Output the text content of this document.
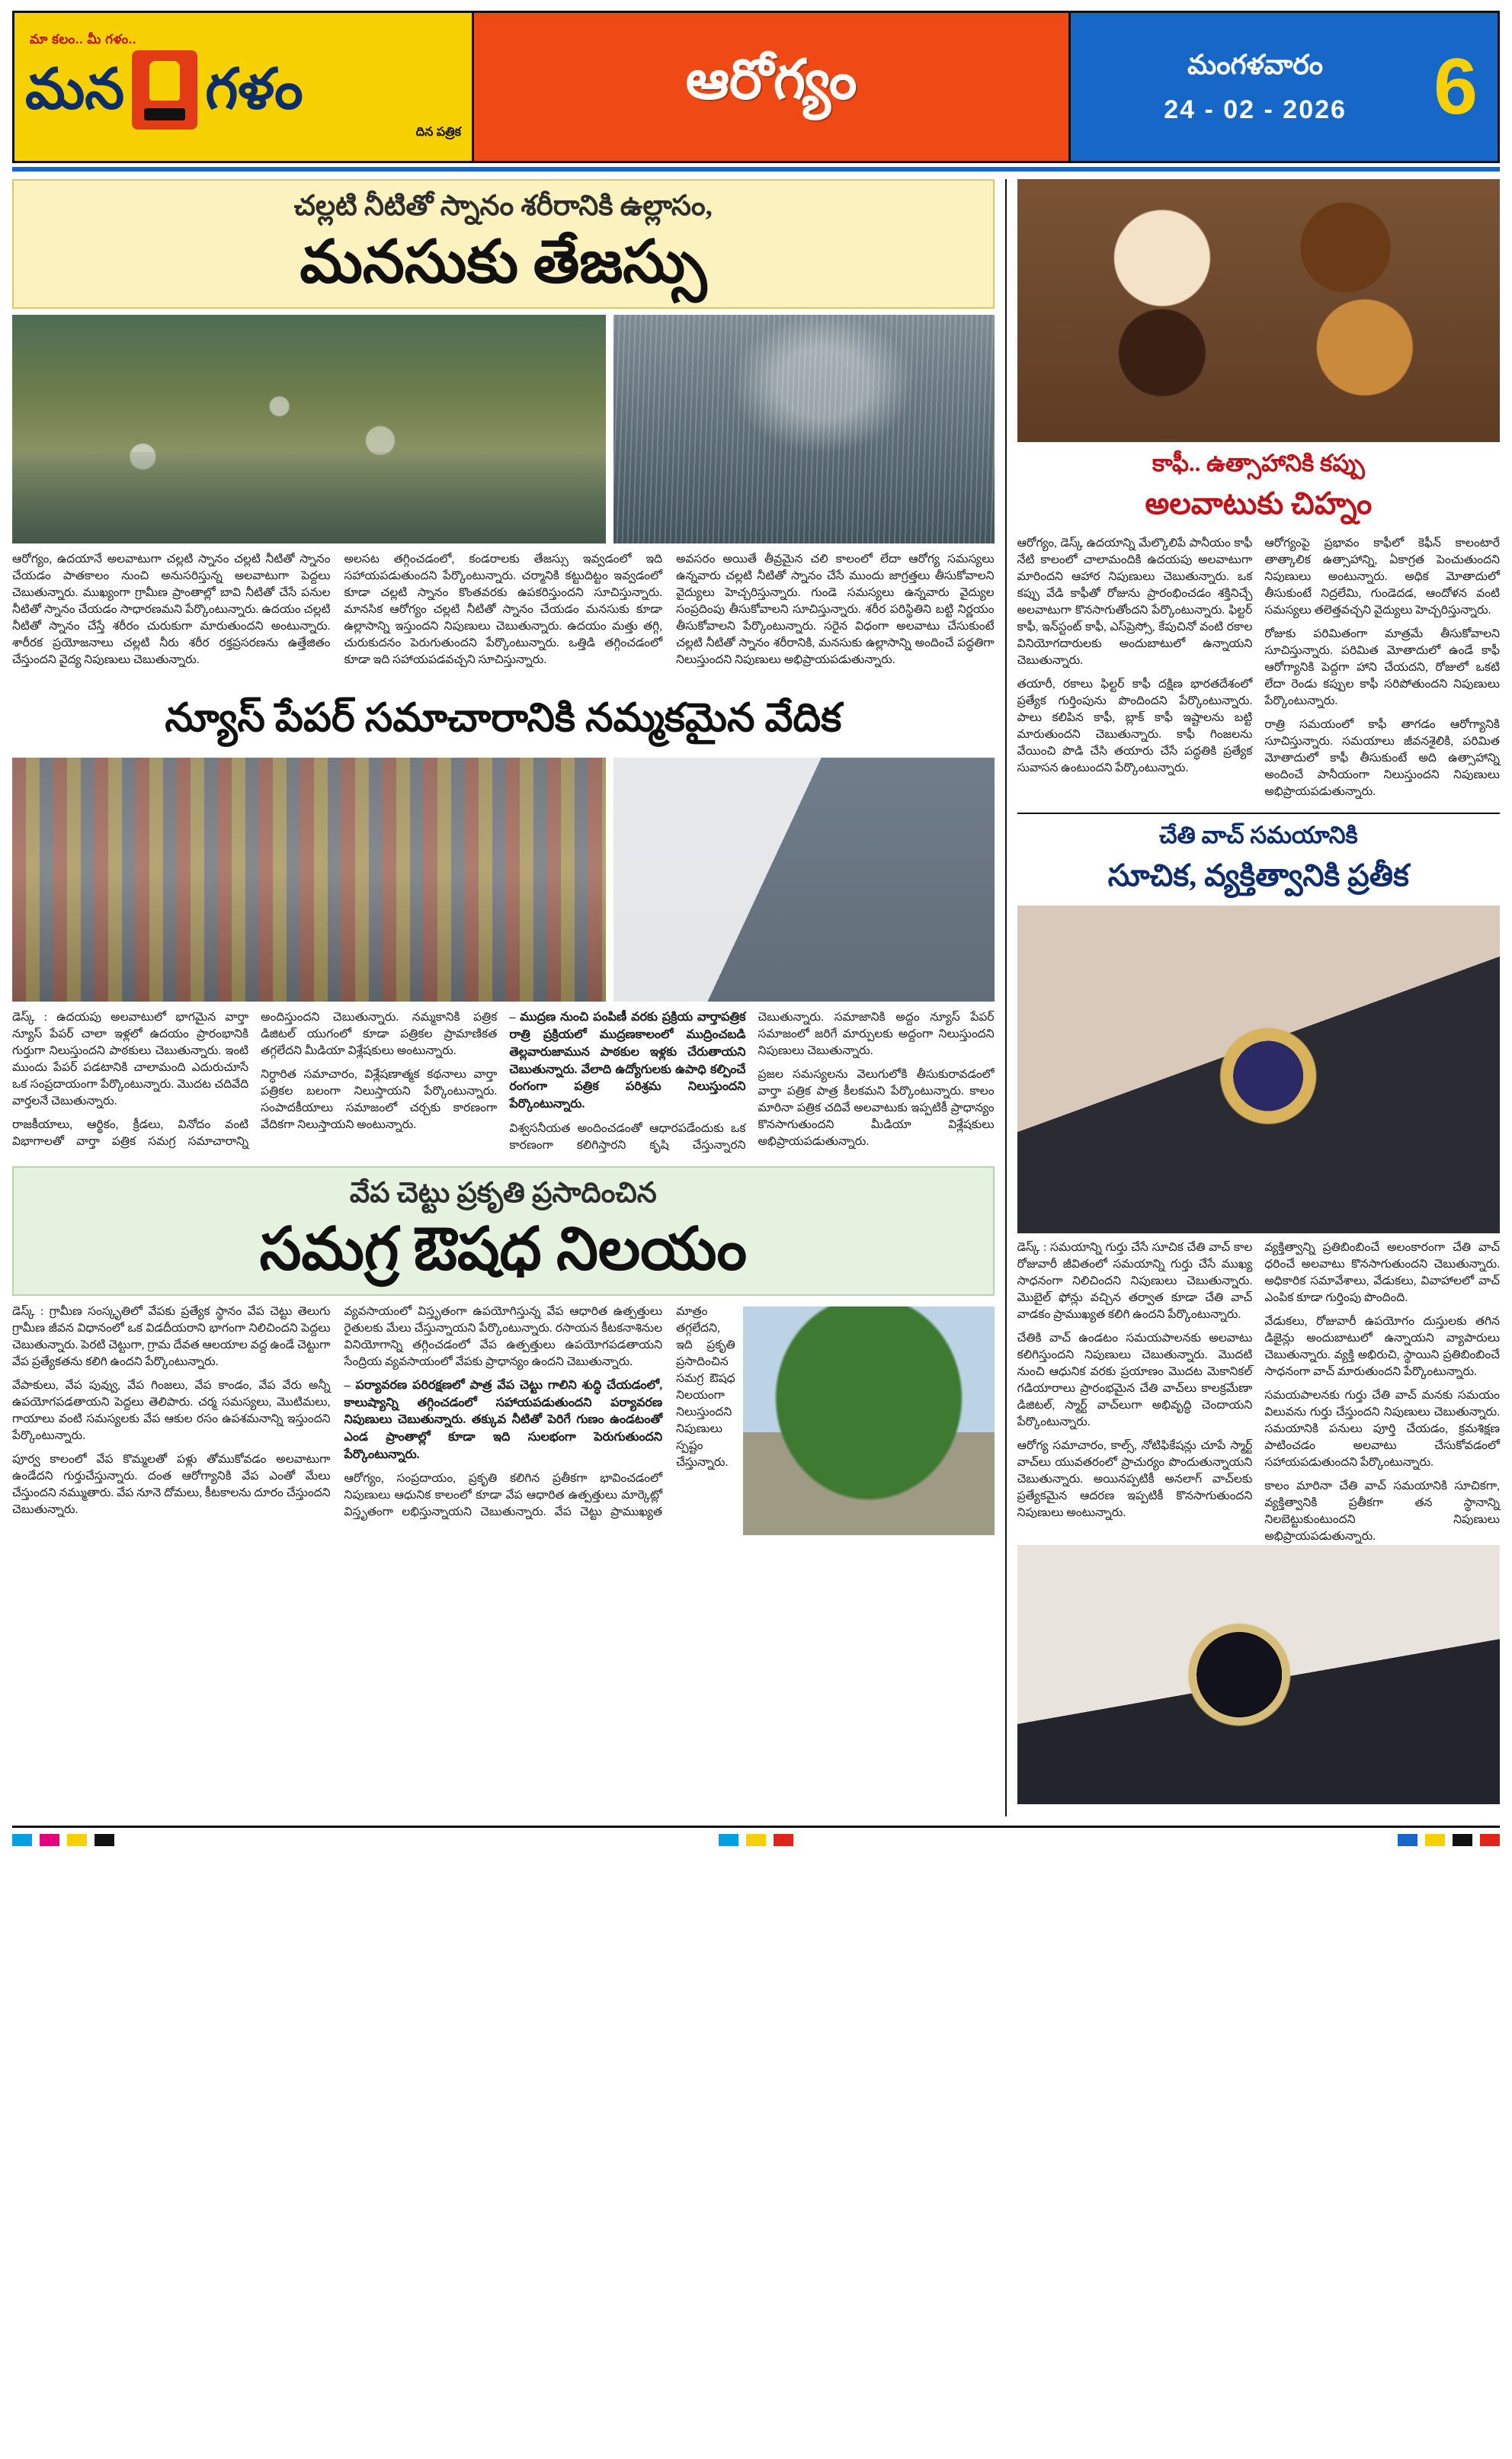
మా కలం.. మీ గళం..
మన గళం
దిన పత్రిక
ఆరోగ్యం	మంగళవారం
24 - 02 - 2026	6
చల్లటి నీటితో స్నానం శరీరానికి ఉల్లాసం,
మనసుకు తేజస్సు

ఆరోగ్యం, ఉదయానే అలవాటుగా చల్లటి స్నానం చల్లటి నీటితో స్నానం చేయడం పాతకాలం నుంచి అనుసరిస్తున్న అలవాటుగా పెద్దలు చెబుతున్నారు. ముఖ్యంగా గ్రామీణ ప్రాంతాల్లో బావి నీటితో చేసే పనుల నీటితో స్నానం చేయడం సాధారణమని పేర్కొంటున్నారు. ఉదయం చల్లటి నీటితో స్నానం చేస్తే శరీరం చురుకుగా మారుతుందని అంటున్నారు. శారీరక ప్రయోజనాలు చల్లటి నీరు శరీర రక్తప్రసరణను ఉత్తేజితం చేస్తుందని వైద్య నిపుణులు చెబుతున్నారు.

అలసట తగ్గించడంలో, కండరాలకు తేజస్సు ఇవ్వడంలో ఇది సహాయపడుతుందని పేర్కొంటున్నారు. చర్మానికి కట్టుదిట్టం ఇవ్వడంలో కూడా చల్లటి స్నానం కొంతవరకు ఉపకరిస్తుందని సూచిస్తున్నారు. మానసిక ఆరోగ్యం చల్లటి నీటితో స్నానం చేయడం మనసుకు కూడా ఉల్లాసాన్ని ఇస్తుందని నిపుణులు చెబుతున్నారు. ఉదయం మత్తు తగ్గి, చురుకుదనం పెరుగుతుందని పేర్కొంటున్నారు. ఒత్తిడి తగ్గించడంలో కూడా ఇది సహాయపడవచ్చని సూచిస్తున్నారు.

అవసరం అయితే తీవ్రమైన చలి కాలంలో లేదా ఆరోగ్య సమస్యలు ఉన్నవారు చల్లటి నీటితో స్నానం చేసే ముందు జాగ్రత్తలు తీసుకోవాలని వైద్యులు హెచ్చరిస్తున్నారు. గుండె సమస్యలు ఉన్నవారు వైద్యుల సంప్రదింపు తీసుకోవాలని సూచిస్తున్నారు. శరీర పరిస్థితిని బట్టి నిర్ణయం తీసుకోవాలని పేర్కొంటున్నారు. సరైన విధంగా అలవాటు చేసుకుంటే చల్లటి నీటితో స్నానం శరీరానికి, మనసుకు ఉల్లాసాన్ని అందించే పద్ధతిగా నిలుస్తుందని నిపుణులు అభిప్రాయపడుతున్నారు.

న్యూస్ పేపర్ సమాచారానికి నమ్మకమైన వేదిక

డెస్క్ : ఉదయపు అలవాటులో భాగమైన వార్తా న్యూస్ పేపర్ చాలా ఇళ్లలో ఉదయం ప్రారంభానికి గుర్తుగా నిలుస్తుందని పాఠకులు చెబుతున్నారు. ఇంటి ముందు పేపర్ పడటానికి చాలామంది ఎదురుచూసే ఒక సంప్రదాయంగా పేర్కొంటున్నారు. మొదట చదివేది వార్తలనే చెబుతున్నారు.

రాజకీయాలు, ఆర్థికం, క్రీడలు, వినోదం వంటి విభాగాలతో వార్తా పత్రిక సమగ్ర సమాచారాన్ని అందిస్తుందని చెబుతున్నారు. నమ్మకానికి పత్రిక డిజిటల్ యుగంలో కూడా పత్రికల ప్రామాణికత తగ్గలేదని మీడియా విశ్లేషకులు అంటున్నారు.

నిర్ధారిత సమాచారం, విశ్లేషణాత్మక కథనాలు వార్తా పత్రికల బలంగా నిలుస్తాయని పేర్కొంటున్నారు. సంపాదకీయాలు సమాజంలో చర్చకు కారణంగా వేదికగా నిలుస్తాయని అంటున్నారు.

– ముద్రణ నుంచి పంపిణీ వరకు ప్రక్రియ వార్తాపత్రిక రాత్రి ప్రక్రియలో ముద్రణకాలంలో ముద్రించబడి తెల్లవారుజామున పాఠకుల ఇళ్లకు చేరుతాయని చెబుతున్నారు. వేలాది ఉద్యోగులకు ఉపాధి కల్పించే రంగంగా పత్రిక పరిశ్రమ నిలుస్తుందని పేర్కొంటున్నారు.

విశ్వసనీయత అందించడంతో ఆధారపడేందుకు ఒక కారణంగా కలిగిస్తారని కృషి చేస్తున్నారని చెబుతున్నారు. సమాజానికి అద్దం న్యూస్ పేపర్ సమాజంలో జరిగే మార్పులకు అద్దంగా నిలుస్తుందని నిపుణులు చెబుతున్నారు.

ప్రజల సమస్యలను వెలుగులోకి తీసుకురావడంలో వార్తా పత్రిక పాత్ర కీలకమని పేర్కొంటున్నారు. కాలం మారినా పత్రిక చదివే అలవాటుకు ఇప్పటికీ ప్రాధాన్యం కొనసాగుతుందని మీడియా విశ్లేషకులు అభిప్రాయపడుతున్నారు.

వేప చెట్టు ప్రకృతి ప్రసాదించిన
సమగ్ర ఔషధ నిలయం

డెస్క్ : గ్రామీణ సంస్కృతిలో వేపకు ప్రత్యేక స్థానం వేప చెట్టు తెలుగు గ్రామీణ జీవన విధానంలో ఒక విడదీయరాని భాగంగా నిలిచిందని పెద్దలు చెబుతున్నారు. పెరటి చెట్టుగా, గ్రామ దేవత ఆలయాల వద్ద ఉండే చెట్టుగా వేప ప్రత్యేకతను కలిగి ఉందని పేర్కొంటున్నారు.

వేపాకులు, వేప పువ్వు, వేప గింజలు, వేప కాండం, వేప వేరు అన్నీ ఉపయోగపడతాయని పెద్దలు తెలిపారు. చర్మ సమస్యలు, మొటిమలు, గాయాలు వంటి సమస్యలకు వేప ఆకుల రసం ఉపశమనాన్ని ఇస్తుందని పేర్కొంటున్నారు.

పూర్వ కాలంలో వేప కొమ్మలతో పళ్లు తోముకోవడం అలవాటుగా ఉండేదని గుర్తుచేస్తున్నారు. దంత ఆరోగ్యానికి వేప ఎంతో మేలు చేస్తుందని నమ్ముతారు. వేప నూనె దోమలు, కీటకాలను దూరం చేస్తుందని చెబుతున్నారు.

వ్యవసాయంలో విస్తృతంగా ఉపయోగిస్తున్న వేప ఆధారిత ఉత్పత్తులు రైతులకు మేలు చేస్తున్నాయని పేర్కొంటున్నారు. రసాయన కీటకనాశినుల వినియోగాన్ని తగ్గించడంలో వేప ఉత్పత్తులు ఉపయోగపడతాయని సేంద్రియ వ్యవసాయంలో వేపకు ప్రాధాన్యం ఉందని చెబుతున్నారు.

– పర్యావరణ పరిరక్షణలో పాత్ర వేప చెట్టు గాలిని శుద్ధి చేయడంలో, కాలుష్యాన్ని తగ్గించడంలో సహాయపడుతుందని పర్యావరణ నిపుణులు చెబుతున్నారు. తక్కువ నీటితో పెరిగే గుణం ఉండటంతో ఎండ ప్రాంతాల్లో కూడా ఇది సులభంగా పెరుగుతుందని పేర్కొంటున్నారు.

ఆరోగ్యం, సంప్రదాయం, ప్రకృతి కలిగిన ప్రతీకగా భావించడంలో నిపుణులు ఆధునిక కాలంలో కూడా వేప ఆధారిత ఉత్పత్తులు మార్కెట్లో విస్తృతంగా లభిస్తున్నాయని చెబుతున్నారు. వేప చెట్టు ప్రాముఖ్యత మాత్రం తగ్గలేదని, ఇది ప్రకృతి ప్రసాదించిన సమగ్ర ఔషధ నిలయంగా నిలుస్తుందని నిపుణులు స్పష్టం చేస్తున్నారు.

కాఫీ.. ఉత్సాహానికి కప్పు
అలవాటుకు చిహ్నం

ఆరోగ్యం, డెస్క్ ఉదయాన్ని మేల్కొలిపే పానీయం కాఫీ నేటి కాలంలో చాలామందికి ఉదయపు అలవాటుగా మారిందని ఆహార నిపుణులు చెబుతున్నారు. ఒక కప్పు వేడి కాఫీతో రోజును ప్రారంభించడం శక్తినిచ్చే అలవాటుగా కొనసాగుతోందని పేర్కొంటున్నారు. ఫిల్టర్ కాఫీ, ఇన్‌స్టంట్ కాఫీ, ఎస్‌ప్రెస్సో, కేపుచినో వంటి రకాల వినియోగదారులకు అందుబాటులో ఉన్నాయని చెబుతున్నారు.

తయారీ, రకాలు ఫిల్టర్ కాఫీ దక్షిణ భారతదేశంలో ప్రత్యేక గుర్తింపును పొందిందని పేర్కొంటున్నారు. పాలు కలిపిన కాఫీ, బ్లాక్ కాఫీ ఇష్టాలను బట్టి మారుతుందని చెబుతున్నారు. కాఫీ గింజలను వేయించి పొడి చేసి తయారు చేసే పద్ధతికి ప్రత్యేక సువాసన ఉంటుందని పేర్కొంటున్నారు.

ఆరోగ్యంపై ప్రభావం కాఫీలో కెఫీన్ కాలంటారే తాత్కాలిక ఉత్సాహాన్ని, ఏకాగ్రత పెంచుతుందని నిపుణులు అంటున్నారు. అధిక మోతాదులో తీసుకుంటే నిద్రలేమి, గుండెదడ, ఆందోళన వంటి సమస్యలు తలెత్తవచ్చని వైద్యులు హెచ్చరిస్తున్నారు.

రోజుకు పరిమితంగా మాత్రమే తీసుకోవాలని సూచిస్తున్నారు. పరిమిత మోతాదులో ఉండే కాఫీ ఆరోగ్యానికి పెద్దగా హాని చేయదని, రోజులో ఒకటి లేదా రెండు కప్పుల కాఫీ సరిపోతుందని నిపుణులు పేర్కొంటున్నారు.

రాత్రి సమయంలో కాఫీ తాగడం ఆరోగ్యానికి సూచిస్తున్నారు. సమయాలు జీవనశైలికి, పరిమిత మోతాదులో కాఫీ తీసుకుంటే అది ఉత్సాహాన్ని అందించే పానీయంగా నిలుస్తుందని నిపుణులు అభిప్రాయపడుతున్నారు.

చేతి వాచ్ సమయానికి
సూచిక, వ్యక్తిత్వానికి ప్రతీక

డెస్క్ : సమయాన్ని గుర్తు చేసే సూచిక చేతి వాచ్ కాల రోజువారీ జీవితంలో సమయాన్ని గుర్తు చేసే ముఖ్య సాధనంగా నిలిచిందని నిపుణులు చెబుతున్నారు. మొబైల్ ఫోన్లు వచ్చిన తర్వాత కూడా చేతి వాచ్ వాడకం ప్రాముఖ్యత కలిగి ఉందని పేర్కొంటున్నారు.

చేతికి వాచ్ ఉండటం సమయపాలనకు అలవాటు కలిగిస్తుందని నిపుణులు చెబుతున్నారు. మొదటి నుంచి ఆధునిక వరకు ప్రయాణం మొదట మెకానికల్ గడియారాలు ప్రారంభమైన చేతి వాచ్‌లు కాలక్రమేణా డిజిటల్, స్మార్ట్ వాచ్‌లుగా అభివృద్ధి చెందాయని పేర్కొంటున్నారు.

ఆరోగ్య సమాచారం, కాల్స్, నోటిఫికేషన్లు చూపే స్మార్ట్ వాచ్‌లు యువతరంలో ప్రాచుర్యం పొందుతున్నాయని చెబుతున్నారు. అయినప్పటికీ అనలాగ్ వాచ్‌లకు ప్రత్యేకమైన ఆదరణ ఇప్పటికీ కొనసాగుతుందని నిపుణులు అంటున్నారు.

వ్యక్తిత్వాన్ని ప్రతిబింబించే అలంకారంగా చేతి వాచ్ ధరించే అలవాటు కొనసాగుతుందని చెబుతున్నారు. అధికారిక సమావేశాలు, వేడుకలు, వివాహాలలో వాచ్ ఎంపిక కూడా గుర్తింపు పొందింది.

వేడుకలు, రోజువారీ ఉపయోగం దుస్తులకు తగిన డిజైన్లు అందుబాటులో ఉన్నాయని వ్యాపారులు చెబుతున్నారు. వ్యక్తి అభిరుచి, స్థాయిని ప్రతిబింబించే సాధనంగా వాచ్ మారుతుందని పేర్కొంటున్నారు.

సమయపాలనకు గుర్తు చేతి వాచ్ మనకు సమయం విలువను గుర్తు చేస్తుందని నిపుణులు చెబుతున్నారు. సమయానికి పనులు పూర్తి చేయడం, క్రమశిక్షణ పాటించడం అలవాటు చేసుకోవడంలో సహాయపడుతుందని పేర్కొంటున్నారు.

కాలం మారినా చేతి వాచ్ సమయానికి సూచికగా, వ్యక్తిత్వానికి ప్రతీకగా తన స్థానాన్ని నిలబెట్టుకుంటుందని నిపుణులు అభిప్రాయపడుతున్నారు.
